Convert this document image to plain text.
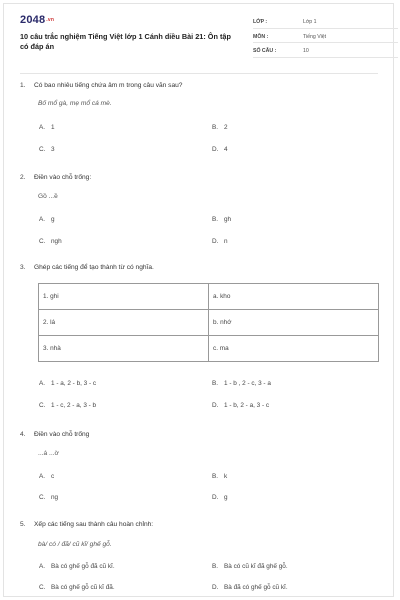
2048.vn
10 câu trắc nghiệm Tiếng Việt lớp 1 Cánh diều Bài 21: Ôn tập có đáp án
LỚP :	Lớp 1
MÔN :	Tiếng Việt
SỐ CÂU :	10
1. Có bao nhiêu tiếng chứa âm m trong câu văn sau?
Bố mổ gà, mẹ mổ cá mè.
A. 1	B. 2
C. 3	D. 4
2. Điền vào chỗ trống:
Gồ ...ề
A. g	B. gh
C. ngh	D. n
3. Ghép các tiếng để tạo thành từ có nghĩa.
1. ghi	a. kho
2. lá	b. nhớ
3. nhà	c. ma
A. 1 - a, 2 - b, 3 - c	B. 1 - b , 2 - c, 3 - a
C. 1 - c, 2 - a, 3 - b	D. 1 - b, 2 - a, 3 - c
4. Điền vào chỗ trống
...á ...ờ
A. c	B. k
C. ng	D. g
5. Xếp các tiếng sau thành câu hoàn chỉnh:
bà/ có / đã/ cũ kĩ/ ghế gỗ.
A. Bà có ghế gỗ đã cũ kĩ.	B. Bà có cũ kĩ đã ghế gỗ.
C. Bà có ghế gỗ cũ kĩ đã.	D. Bà đã có ghế gỗ cũ kĩ.
